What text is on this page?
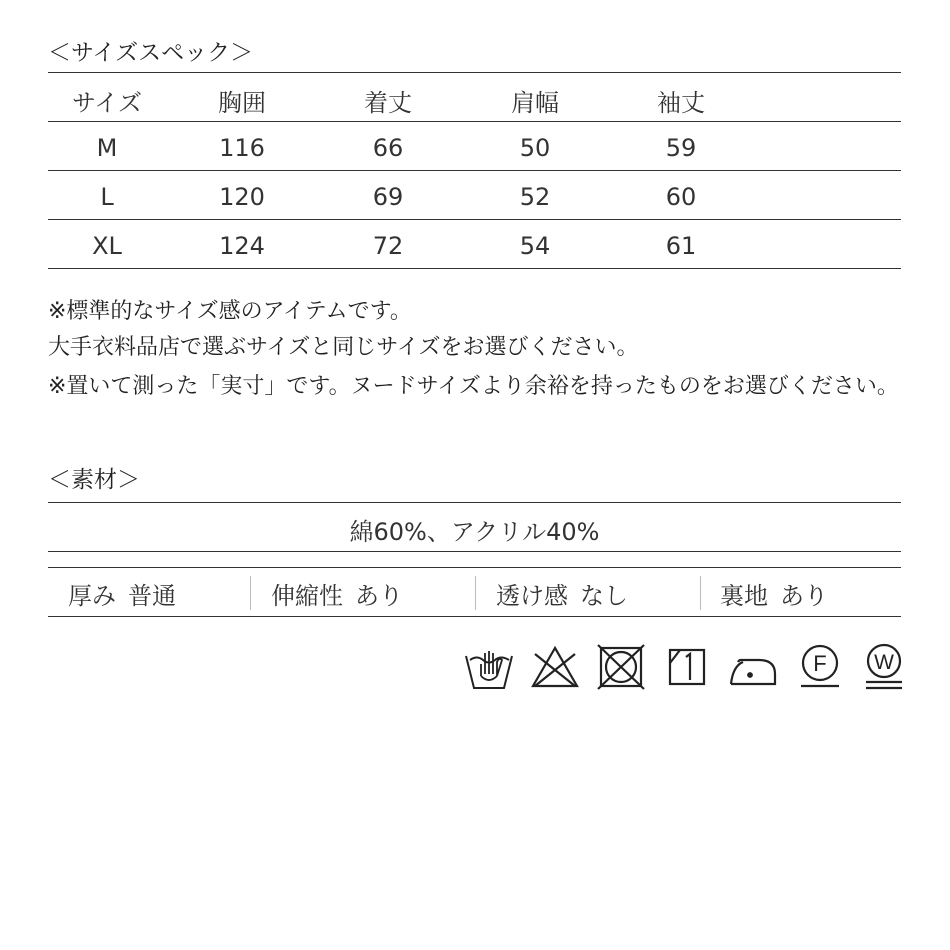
＜サイズスペック＞
サイズ	胸囲	着丈	肩幅	袖丈
M	116	66	50	59
L	120	69	52	60
XL	124	72	54	61
※標準的なサイズ感のアイテムです。
大手衣料品店で選ぶサイズと同じサイズをお選びください。
※置いて測った「実寸」です。ヌードサイズより余裕を持ったものをお選びください。
＜素材＞
綿60%、アクリル40%
厚み 普通	伸縮性 あり	透け感 なし	裏地 あり
F W
